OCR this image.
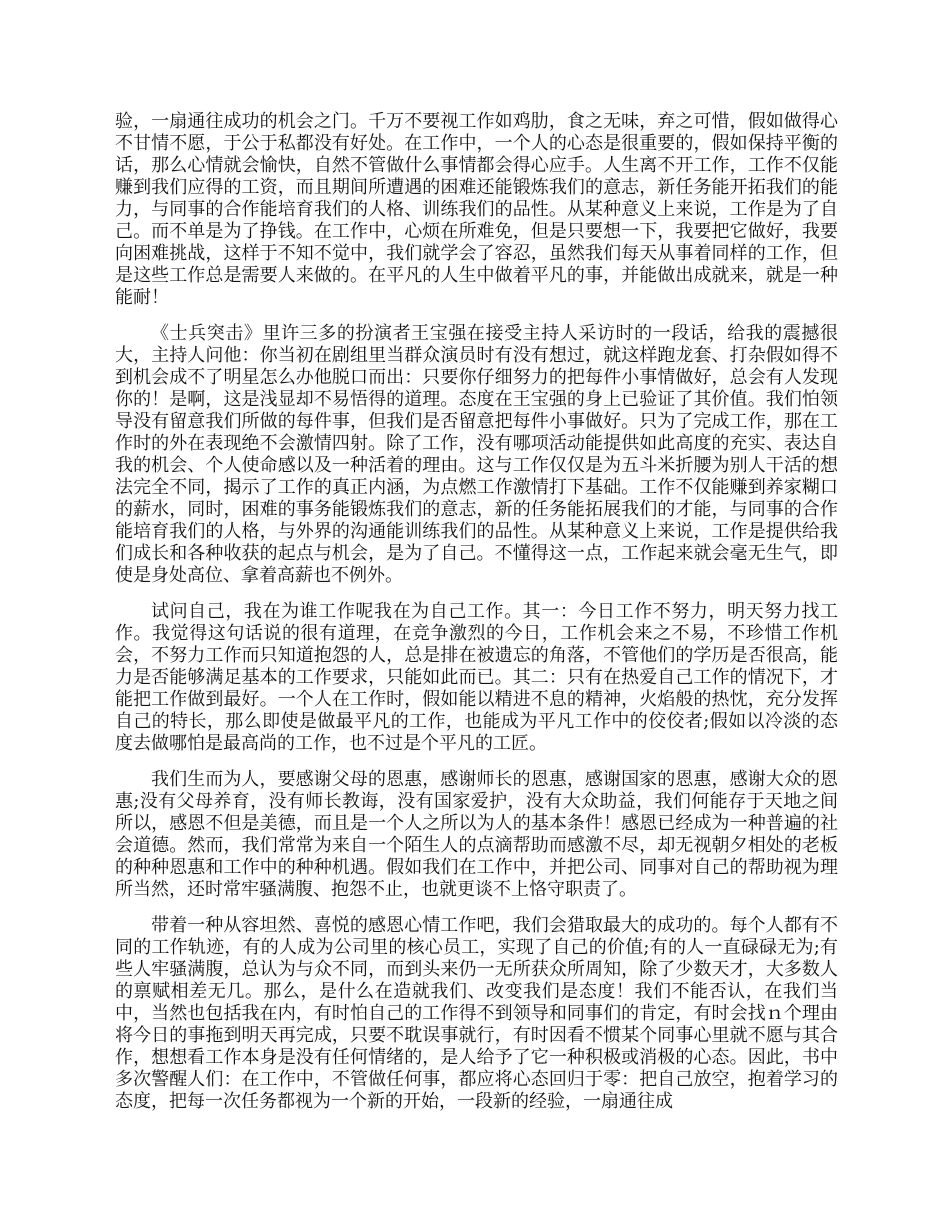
验，一扇通往成功的机会之门。千万不要视工作如鸡肋，食之无味，弃之可惜，假如做得心不甘情不愿，于公于私都没有好处。在工作中，一个人的心态是很重要的，假如保持平衡的话，那么心情就会愉快，自然不管做什么事情都会得心应手。人生离不开工作，工作不仅能赚到我们应得的工资，而且期间所遭遇的困难还能锻炼我们的意志，新任务能开拓我们的能力，与同事的合作能培育我们的人格、训练我们的品性。从某种意义上来说，工作是为了自己。而不单是为了挣钱。在工作中，心烦在所难免，但是只要想一下，我要把它做好，我要向困难挑战，这样于不知不觉中，我们就学会了容忍，虽然我们每天从事着同样的工作，但是这些工作总是需要人来做的。在平凡的人生中做着平凡的事，并能做出成就来，就是一种能耐！

《士兵突击》里许三多的扮演者王宝强在接受主持人采访时的一段话，给我的震撼很大，主持人问他：你当初在剧组里当群众演员时有没有想过，就这样跑龙套、打杂假如得不到机会成不了明星怎么办他脱口而出：只要你仔细努力的把每件小事情做好，总会有人发现你的！是啊，这是浅显却不易悟得的道理。态度在王宝强的身上已验证了其价值。我们怕领导没有留意我们所做的每件事，但我们是否留意把每件小事做好。只为了完成工作，那在工作时的外在表现绝不会激情四射。除了工作，没有哪项活动能提供如此高度的充实、表达自我的机会、个人使命感以及一种活着的理由。这与工作仅仅是为五斗米折腰为别人干活的想法完全不同，揭示了工作的真正内涵，为点燃工作激情打下基础。工作不仅能赚到养家糊口的薪水，同时，困难的事务能锻炼我们的意志，新的任务能拓展我们的才能，与同事的合作能培育我们的人格，与外界的沟通能训练我们的品性。从某种意义上来说，工作是提供给我们成长和各种收获的起点与机会，是为了自己。不懂得这一点，工作起来就会毫无生气，即使是身处高位、拿着高薪也不例外。

试问自己，我在为谁工作呢我在为自己工作。其一：今日工作不努力，明天努力找工作。我觉得这句话说的很有道理，在竞争激烈的今日，工作机会来之不易，不珍惜工作机会，不努力工作而只知道抱怨的人，总是排在被遗忘的角落，不管他们的学历是否很高，能力是否能够满足基本的工作要求，只能如此而已。其二：只有在热爱自己工作的情况下，才能把工作做到最好。一个人在工作时，假如能以精进不息的精神，火焰般的热忱，充分发挥自己的特长，那么即使是做最平凡的工作，也能成为平凡工作中的佼佼者;假如以冷淡的态度去做哪怕是最高尚的工作，也不过是个平凡的工匠。

我们生而为人，要感谢父母的恩惠，感谢师长的恩惠，感谢国家的恩惠，感谢大众的恩惠;没有父母养育，没有师长教诲，没有国家爱护，没有大众助益，我们何能存于天地之间所以，感恩不但是美德，而且是一个人之所以为人的基本条件！感恩已经成为一种普遍的社会道德。然而，我们常常为来自一个陌生人的点滴帮助而感激不尽，却无视朝夕相处的老板的种种恩惠和工作中的种种机遇。假如我们在工作中，并把公司、同事对自己的帮助视为理所当然，还时常牢骚满腹、抱怨不止，也就更谈不上恪守职责了。

带着一种从容坦然、喜悦的感恩心情工作吧，我们会猎取最大的成功的。每个人都有不同的工作轨迹，有的人成为公司里的核心员工，实现了自己的价值;有的人一直碌碌无为;有些人牢骚满腹，总认为与众不同，而到头来仍一无所获众所周知，除了少数天才，大多数人的禀赋相差无几。那么，是什么在造就我们、改变我们是态度！我们不能否认，在我们当中，当然也包括我在内，有时怕自己的工作得不到领导和同事们的肯定，有时会找ｎ个理由将今日的事拖到明天再完成，只要不耽误事就行，有时因看不惯某个同事心里就不愿与其合作，想想看工作本身是没有任何情绪的，是人给予了它一种积极或消极的心态。因此，书中多次警醒人们：在工作中，不管做任何事，都应将心态回归于零：把自己放空，抱着学习的态度，把每一次任务都视为一个新的开始，一段新的经验，一扇通往成
